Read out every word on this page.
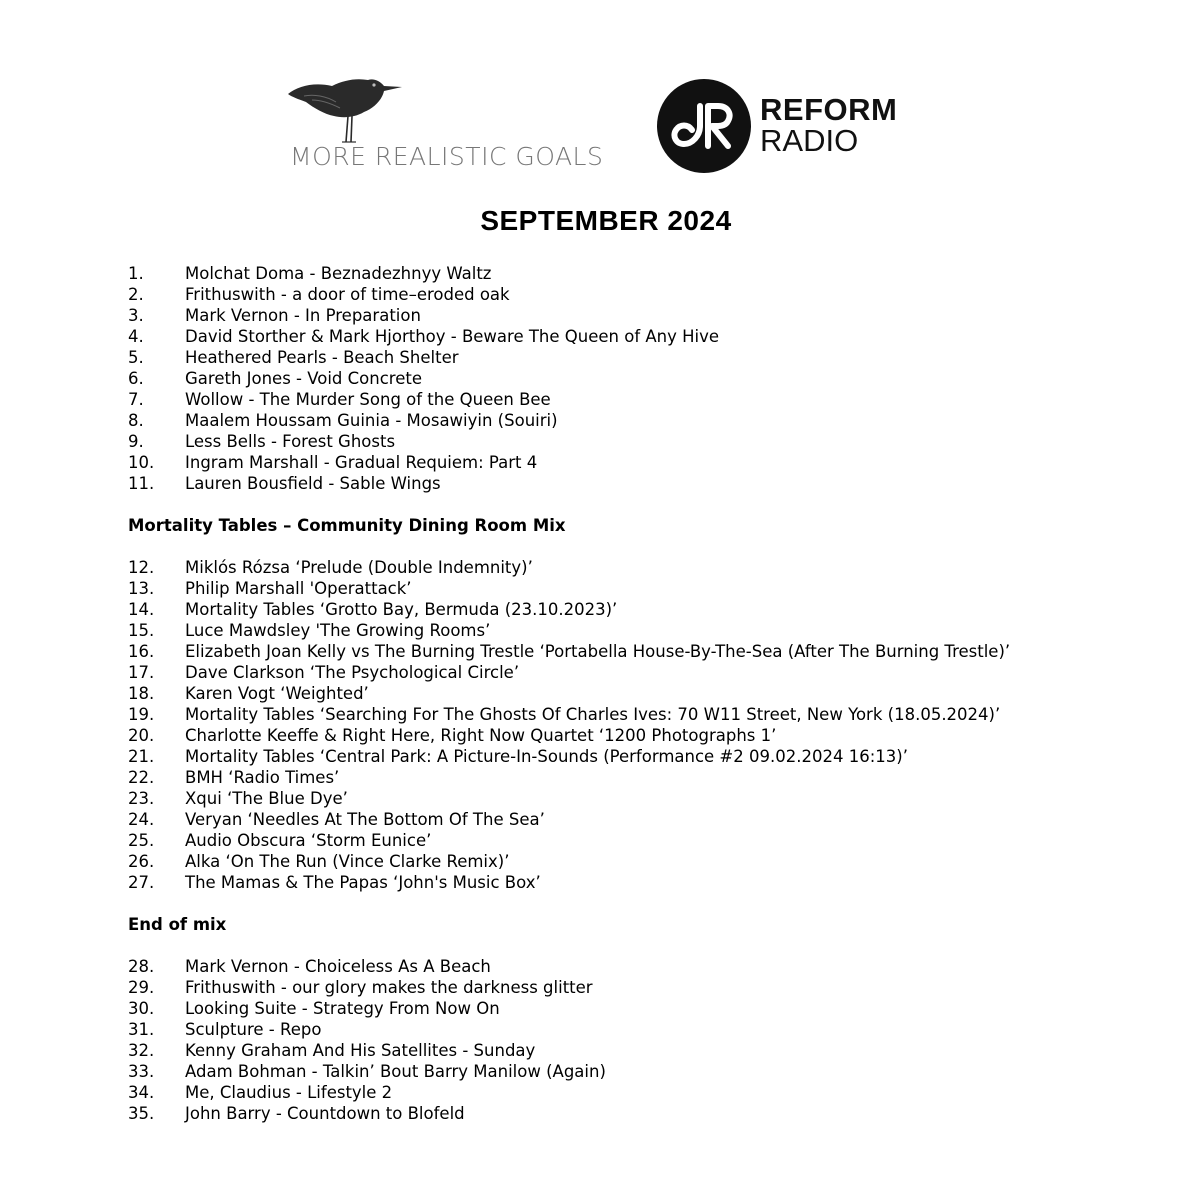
MORE REALISTIC GOALS
REFORM
RADIO
SEPTEMBER 2024
1.	Molchat Doma - Beznadezhnyy Waltz
2.	Frithuswith - a door of time–eroded oak
3.	Mark Vernon - In Preparation
4.	David Storther & Mark Hjorthoy - Beware The Queen of Any Hive
5.	Heathered Pearls - Beach Shelter
6.	Gareth Jones - Void Concrete
7.	Wollow - The Murder Song of the Queen Bee
8.	Maalem Houssam Guinia - Mosawiyin (Souiri)
9.	Less Bells - Forest Ghosts
10.	Ingram Marshall - Gradual Requiem: Part 4
11.	Lauren Bousfield - Sable Wings
Mortality Tables – Community Dining Room Mix
12.	Miklós Rózsa ‘Prelude (Double Indemnity)’
13.	Philip Marshall 'Operattack’
14.	Mortality Tables ‘Grotto Bay, Bermuda (23.10.2023)’
15.	Luce Mawdsley 'The Growing Rooms’
16.	Elizabeth Joan Kelly vs The Burning Trestle ‘Portabella House-By-The-Sea (After The Burning Trestle)’
17.	Dave Clarkson ‘The Psychological Circle’
18.	Karen Vogt ‘Weighted’
19.	Mortality Tables ‘Searching For The Ghosts Of Charles Ives: 70 W11 Street, New York (18.05.2024)’
20.	Charlotte Keeffe & Right Here, Right Now Quartet ‘1200 Photographs 1’
21.	Mortality Tables ‘Central Park: A Picture-In-Sounds (Performance #2 09.02.2024 16:13)’
22.	BMH ‘Radio Times’
23.	Xqui ‘The Blue Dye’
24.	Veryan ‘Needles At The Bottom Of The Sea’
25.	Audio Obscura ‘Storm Eunice’
26.	Alka ‘On The Run (Vince Clarke Remix)’
27.	The Mamas & The Papas ‘John's Music Box’
End of mix
28.	Mark Vernon - Choiceless As A Beach
29.	Frithuswith - our glory makes the darkness glitter
30.	Looking Suite - Strategy From Now On
31.	Sculpture - Repo
32.	Kenny Graham And His Satellites - Sunday
33.	Adam Bohman - Talkin’ Bout Barry Manilow (Again)
34.	Me, Claudius - Lifestyle 2
35.	John Barry - Countdown to Blofeld
